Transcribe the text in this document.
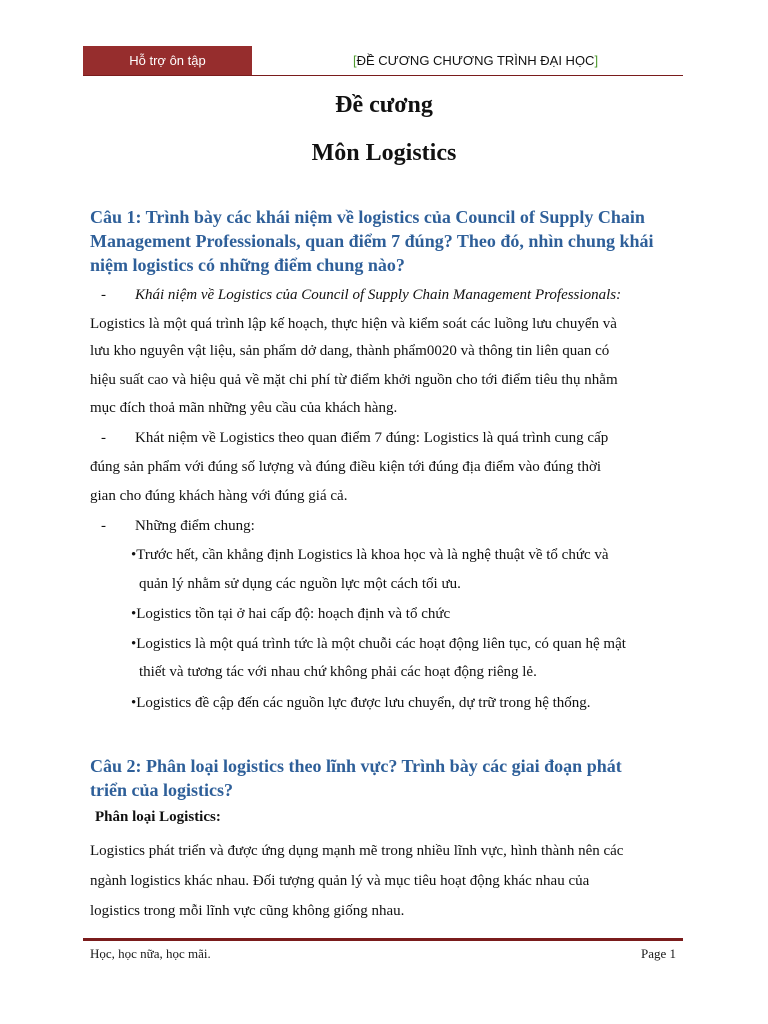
Hỗ trợ ôn tập	[ĐỀ CƯƠNG CHƯƠNG TRÌNH ĐẠI HỌC]
Đề cương
Môn Logistics
Câu 1: Trình bày các khái niệm về logistics của Council of Supply Chain
Management Professionals, quan điểm 7 đúng? Theo đó, nhìn chung khái
niệm logistics có những điểm chung nào?
- Khái niệm về Logistics của Council of Supply Chain Management Professionals:
Logistics là một quá trình lập kế hoạch, thực hiện và kiểm soát các luồng lưu chuyển và
lưu kho nguyên vật liệu, sản phẩm dở dang, thành phẩm0020 và thông tin liên quan có
hiệu suất cao và hiệu quả về mặt chi phí từ điểm khởi nguồn cho tới điểm tiêu thụ nhằm
mục đích thoả mãn những yêu cầu của khách hàng.
- Khát niệm về Logistics theo quan điểm 7 đúng: Logistics là quá trình cung cấp
đúng sản phẩm với đúng số lượng và đúng điều kiện tới đúng địa điểm vào đúng thời
gian cho đúng khách hàng với đúng giá cả.
- Những điểm chung:
•Trước hết, cần khẳng định Logistics là khoa học và là nghệ thuật về tổ chức và
quản lý nhằm sử dụng các nguồn lực một cách tối ưu.
•Logistics tồn tại ở hai cấp độ: hoạch định và tổ chức
•Logistics là một quá trình tức là một chuỗi các hoạt động liên tục, có quan hệ mật
thiết và tương tác với nhau chứ không phải các hoạt động riêng lẻ.
•Logistics đề cập đến các nguồn lực được lưu chuyển, dự trữ trong hệ thống.
Câu 2: Phân loại logistics theo lĩnh vực? Trình bày các giai đoạn phát
triển của logistics?
Phân loại Logistics:
Logistics phát triển và được ứng dụng mạnh mẽ trong nhiều lĩnh vực, hình thành nên các
ngành logistics khác nhau. Đối tượng quản lý và mục tiêu hoạt động khác nhau của
logistics trong mỗi lĩnh vực cũng không giống nhau.
Học, học nữa, học mãi.	Page 1
